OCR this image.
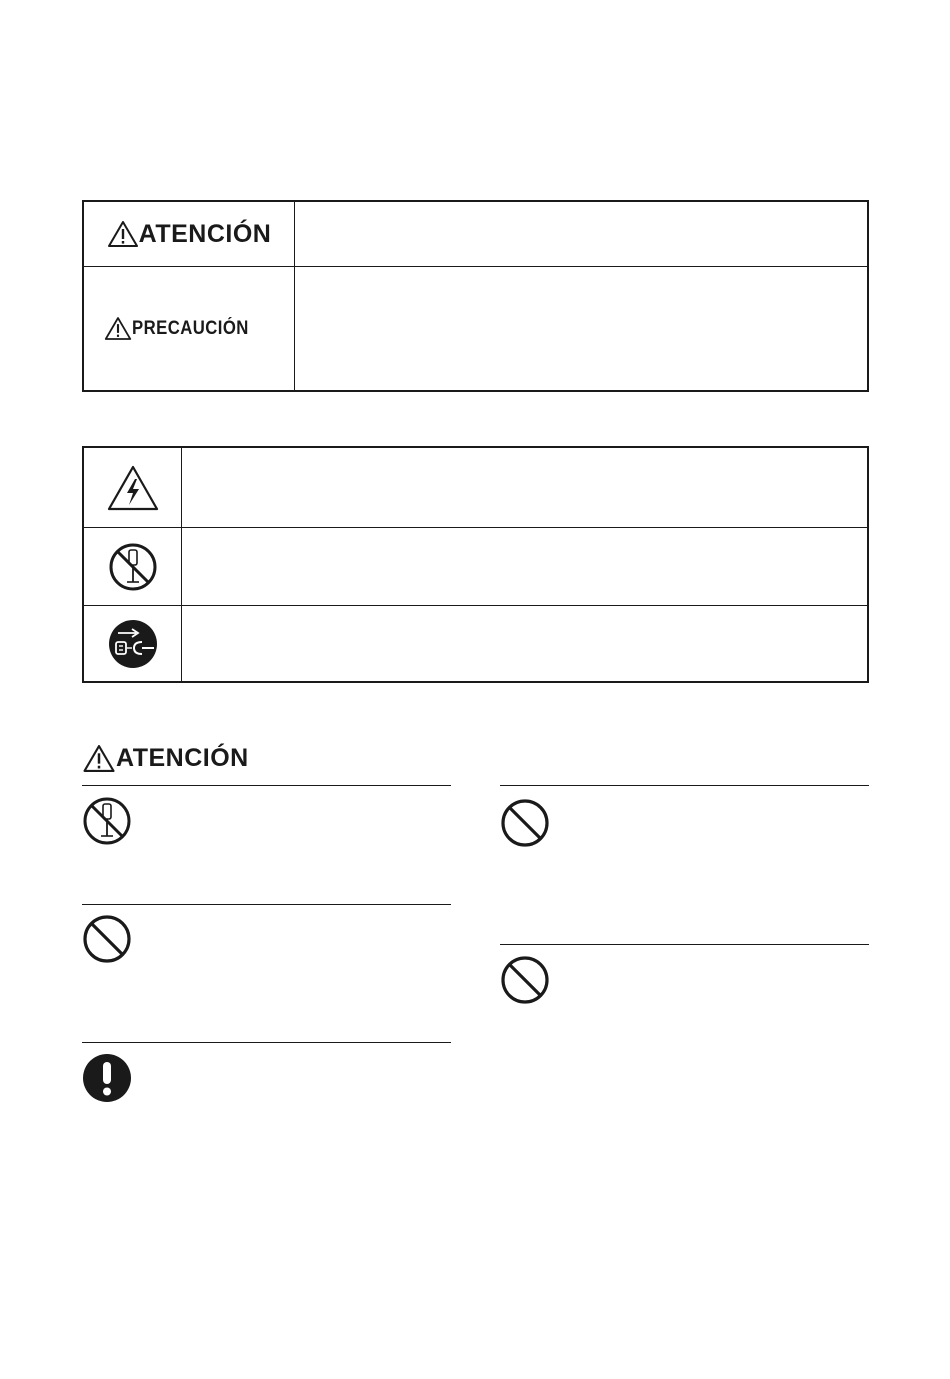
ATENCIÓN
PRECAUCIÓN
ATENCIÓN
